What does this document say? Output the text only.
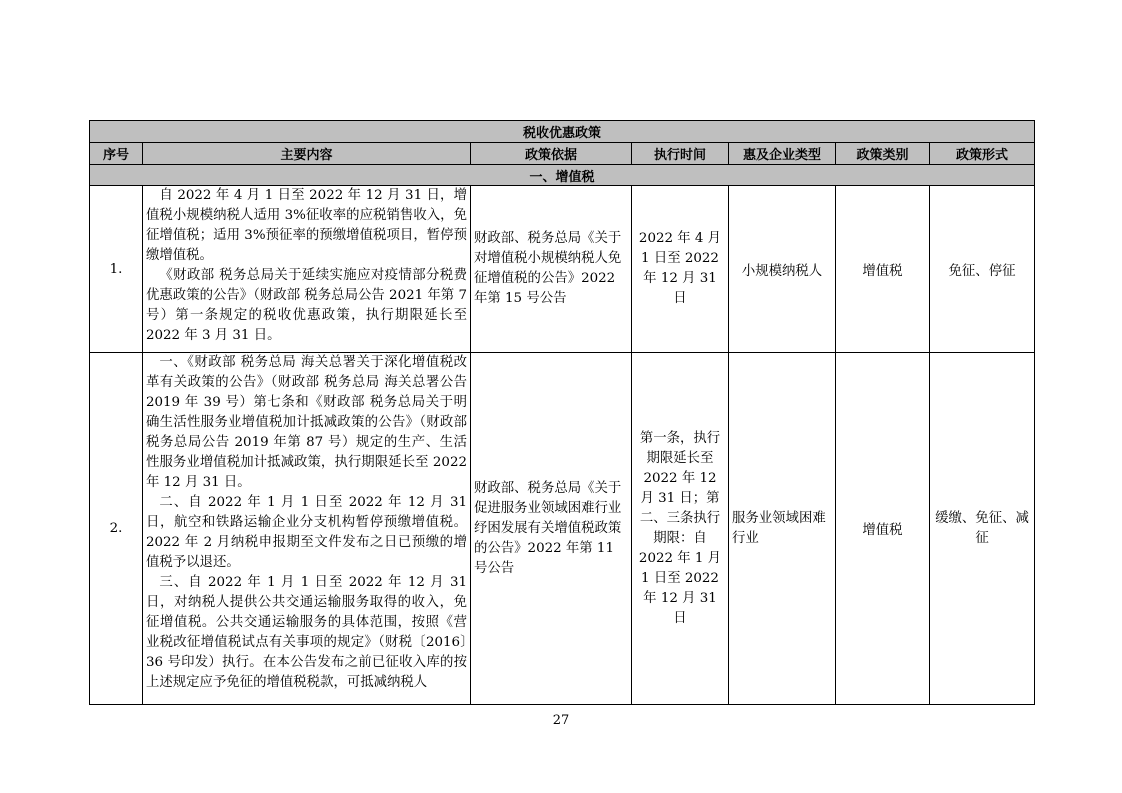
税收优惠政策						
序号	主要内容	政策依据	执行时间	惠及企业类型	政策类别	政策形式
一、增值税						
1.	自 2022 年 4 月 1 日至 2022 年 12 月 31 日，增值税小规模纳税人适用 3%征收率的应税销售收入，免征增值税；适用 3%预征率的预缴增值税项目，暂停预缴增值税。

《财政部 税务总局关于延续实施应对疫情部分税费优惠政策的公告》（财政部 税务总局公告 2021 年第 7 号）第一条规定的税收优惠政策，执行期限延长至 2022 年 3 月 31 日。	财政部、税务总局《关于对增值税小规模纳税人免征增值税的公告》2022 年第 15 号公告	2022 年 4 月 1 日至 2022 年 12 月 31 日	小规模纳税人	增值税	免征、停征
2.	一、《财政部 税务总局 海关总署关于深化增值税改革有关政策的公告》（财政部 税务总局 海关总署公告 2019 年 39 号）第七条和《财政部 税务总局关于明确生活性服务业增值税加计抵减政策的公告》（财政部 税务总局公告 2019 年第 87 号）规定的生产、生活性服务业增值税加计抵减政策，执行期限延长至 2022 年 12 月 31 日。

二、自 2022 年 1 月 1 日至 2022 年 12 月 31 日，航空和铁路运输企业分支机构暂停预缴增值税。2022 年 2 月纳税申报期至文件发布之日已预缴的增值税予以退还。

三、自 2022 年 1 月 1 日至 2022 年 12 月 31 日，对纳税人提供公共交通运输服务取得的收入，免征增值税。公共交通运输服务的具体范围，按照《营业税改征增值税试点有关事项的规定》（财税〔2016〕36 号印发）执行。在本公告发布之前已征收入库的按上述规定应予免征的增值税税款，可抵减纳税人	财政部、税务总局《关于促进服务业领域困难行业纾困发展有关增值税政策的公告》2022 年第 11 号公告	第一条，执行期限延长至 2022 年 12 月 31 日；第二、三条执行期限：自 2022 年 1 月 1 日至 2022 年 12 月 31 日	服务业领域困难行业	增值税	缓缴、免征、减征
27
